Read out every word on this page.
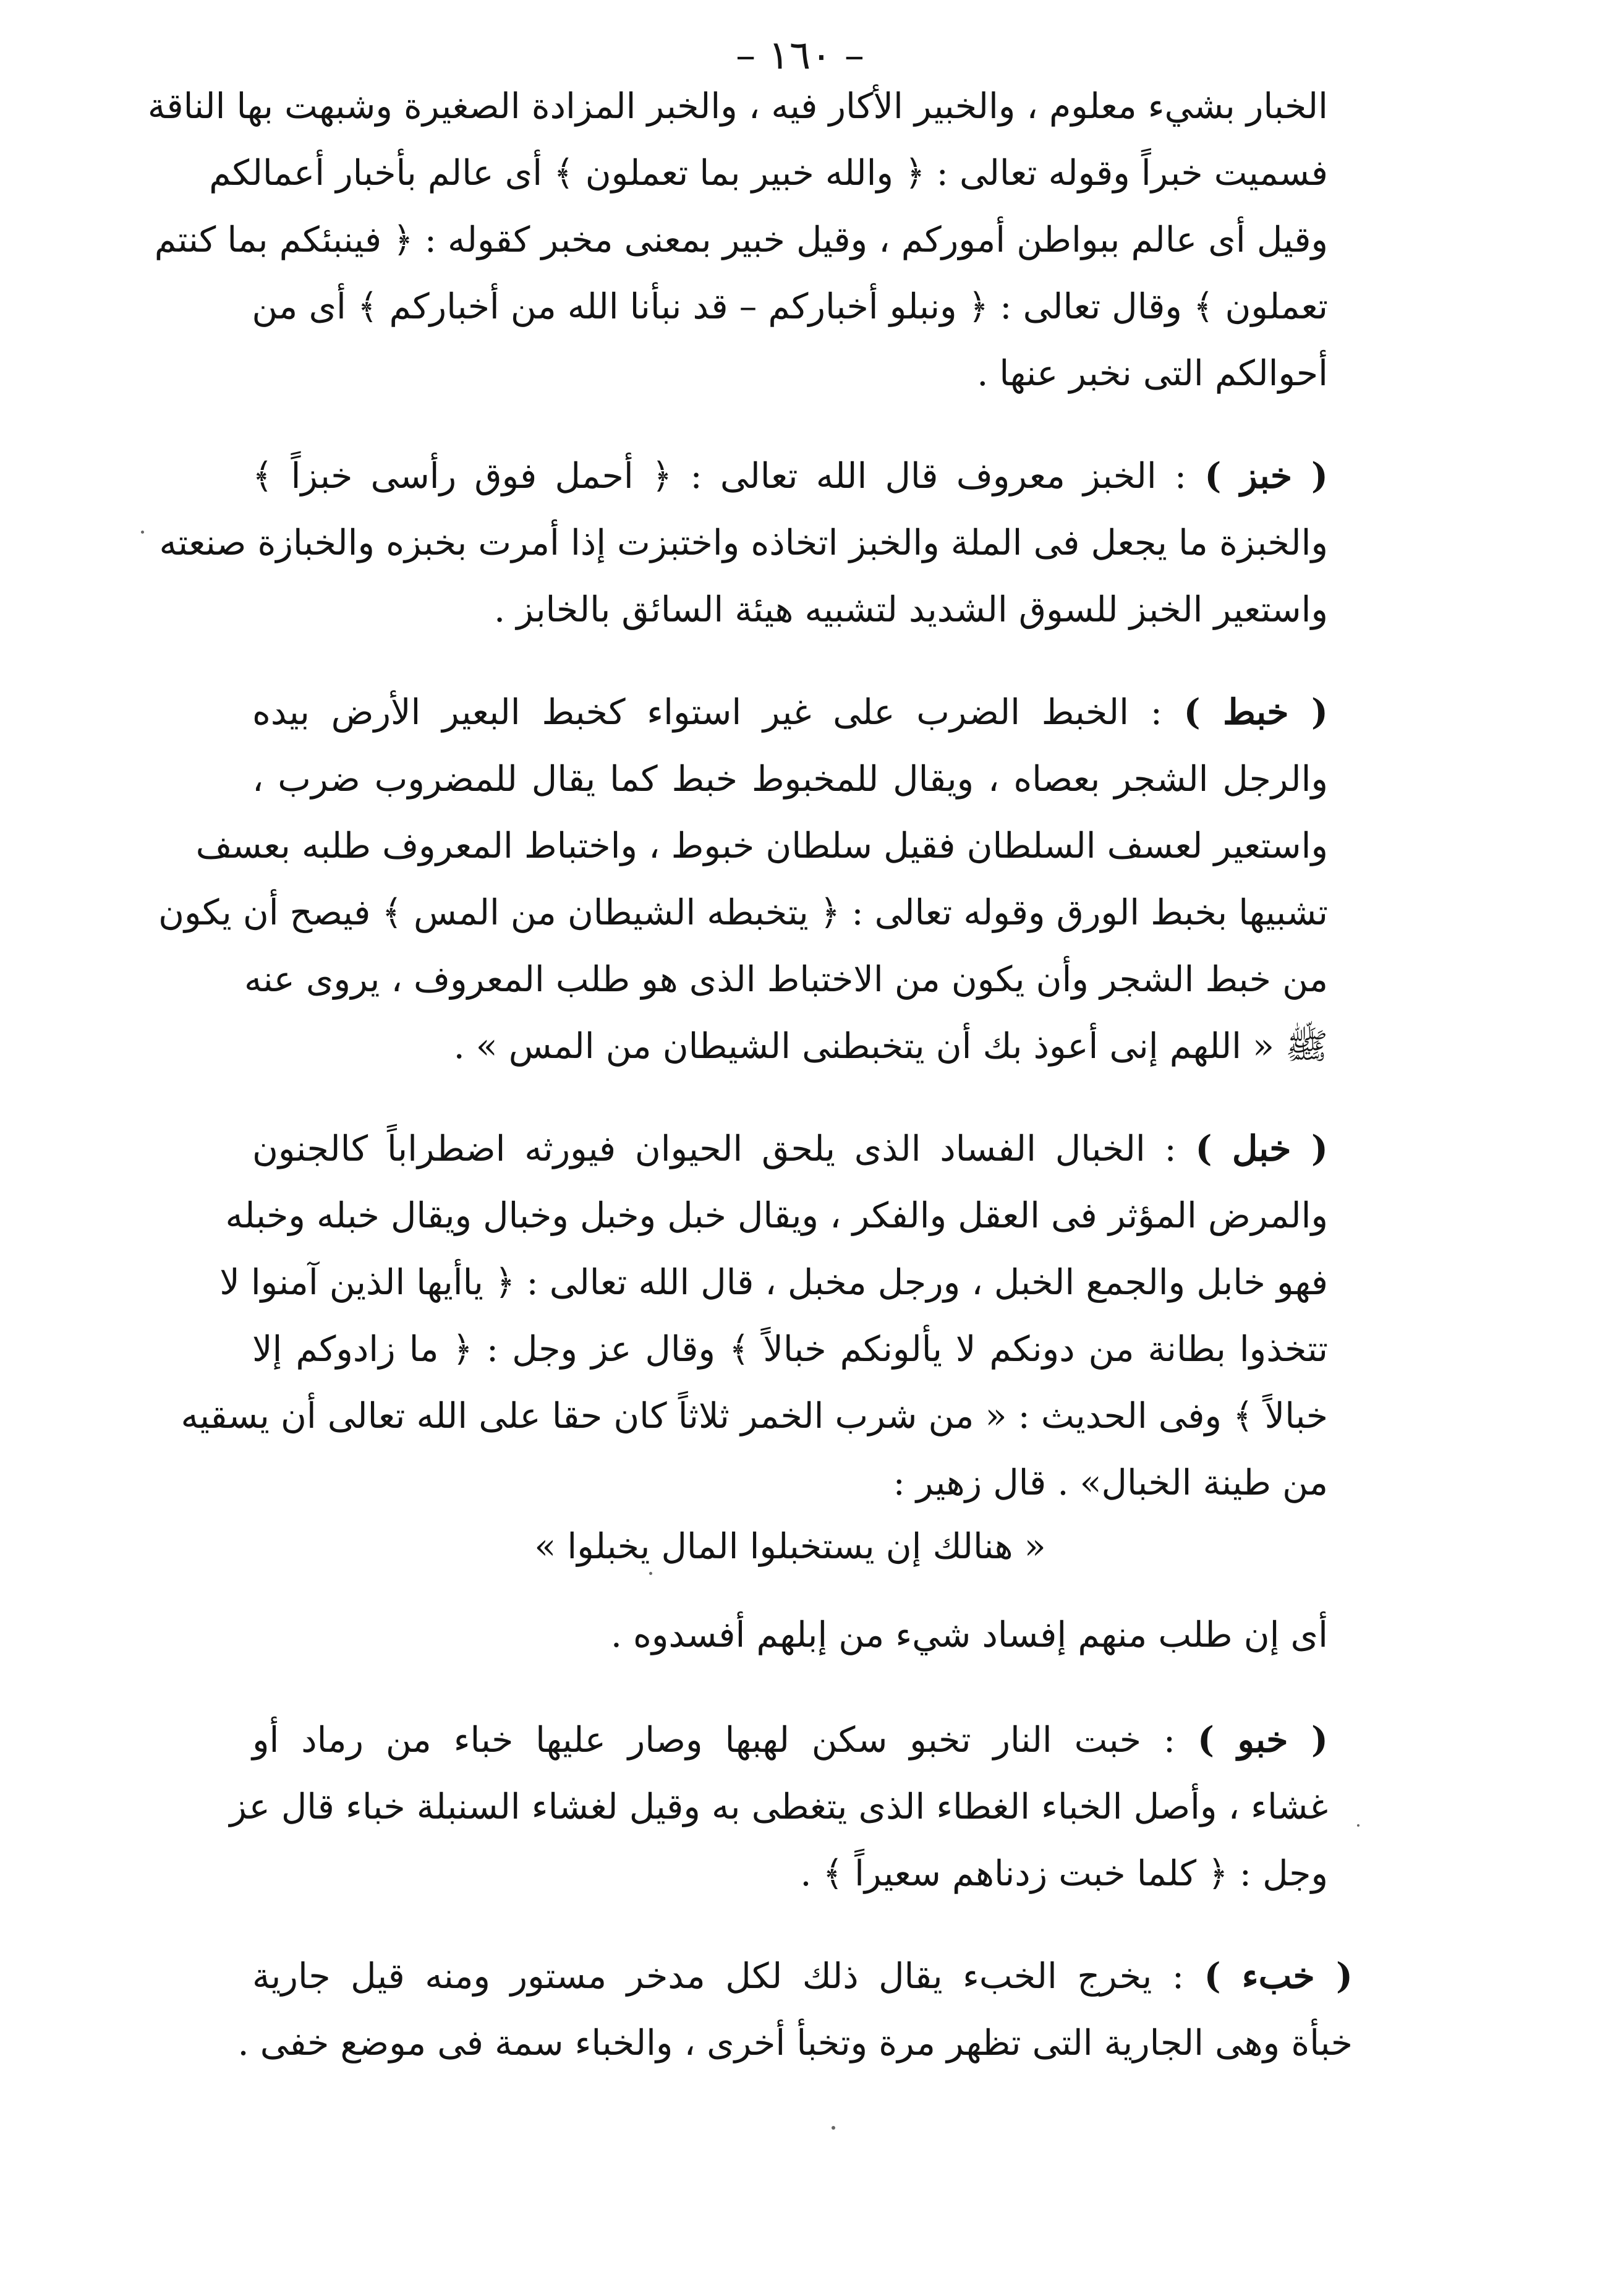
– ١٦٠ –
الخبار بشيء معلوم ، والخبير الأكار فيه ، والخبر المزادة الصغيرة وشبهت بها الناقة
فسميت خبراً وقوله تعالى : ﴿ والله خبير بما تعملون ﴾ أى عالم بأخبار أعمالكم
وقيل أى عالم ببواطن أموركم ، وقيل خبير بمعنى مخبر كقوله : ﴿ فينبئكم بما كنتم
تعملون ﴾ وقال تعالى : ﴿ ونبلو أخباركم – قد نبأنا الله من أخباركم ﴾ أى من
أحوالكم التى نخبر عنها .
( خبز ) : الخبز معروف قال الله تعالى : ﴿ أحمل فوق رأسى خبزاً ﴾
والخبزة ما يجعل فى الملة والخبز اتخاذه واختبزت إذا أمرت بخبزه والخبازة صنعته
واستعير الخبز للسوق الشديد لتشبيه هيئة السائق بالخابز .
( خبط ) : الخبط الضرب على غير استواء كخبط البعير الأرض بيده
والرجل الشجر بعصاه ، ويقال للمخبوط خبط كما يقال للمضروب ضرب ،
واستعير لعسف السلطان فقيل سلطان خبوط ، واختباط المعروف طلبه بعسف
تشبيها بخبط الورق وقوله تعالى : ﴿ يتخبطه الشيطان من المس ﴾ فيصح أن يكون
من خبط الشجر وأن يكون من الاختباط الذى هو طلب المعروف ، يروى عنه
ﷺ « اللهم إنى أعوذ بك أن يتخبطنى الشيطان من المس » .
( خبل ) : الخبال الفساد الذى يلحق الحيوان فيورثه اضطراباً كالجنون
والمرض المؤثر فى العقل والفكر ، ويقال خبل وخبل وخبال ويقال خبله وخبله
فهو خابل والجمع الخبل ، ورجل مخبل ، قال الله تعالى : ﴿ ياأيها الذين آمنوا لا
تتخذوا بطانة من دونكم لا يألونكم خبالاً ﴾ وقال عز وجل : ﴿ ما زادوكم إلا
خبالاً ﴾ وفى الحديث : « من شرب الخمر ثلاثاً كان حقا على الله تعالى أن يسقيه
من طينة الخبال» . قال زهير :
« هنالك إن يستخبلوا المال يخبلوا »
أى إن طلب منهم إفساد شيء من إبلهم أفسدوه .
( خبو ) : خبت النار تخبو سكن لهبها وصار عليها خباء من رماد أو
غشاء ، وأصل الخباء الغطاء الذى يتغطى به وقيل لغشاء السنبلة خباء قال عز
وجل : ﴿ كلما خبت زدناهم سعيراً ﴾ .
( خبء ) : يخرج الخبء يقال ذلك لكل مدخر مستور ومنه قيل جارية
خبأة وهى الجارية التى تظهر مرة وتخبأ أخرى ، والخباء سمة فى موضع خفى .
